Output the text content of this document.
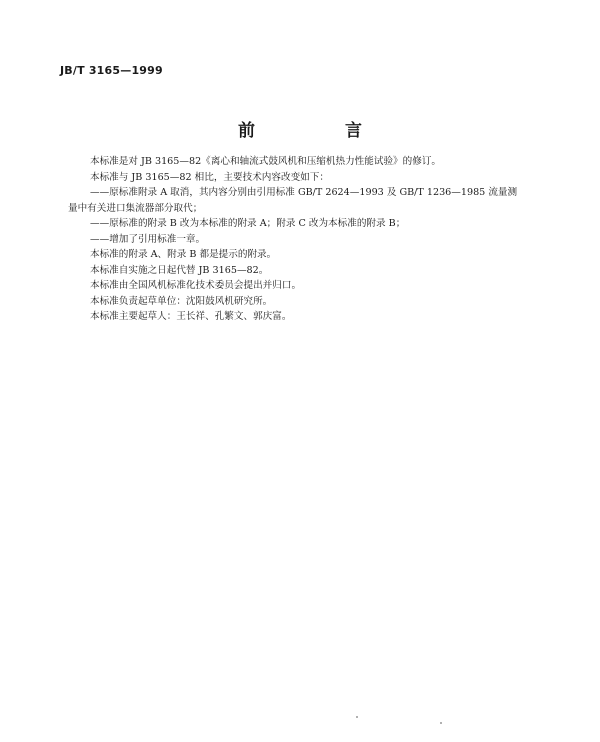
JB/T 3165—1999
前 言

本标准是对 JB 3165—82《离心和轴流式鼓风机和压缩机热力性能试验》的修订。

本标准与 JB 3165—82 相比，主要技术内容改变如下：

——原标准附录 A 取消，其内容分别由引用标准 GB/T 2624—1993 及 GB/T 1236—1985 流量测

量中有关进口集流器部分取代；

——原标准的附录 B 改为本标准的附录 A；附录 C 改为本标准的附录 B；

——增加了引用标准一章。

本标准的附录 A、附录 B 都是提示的附录。

本标准自实施之日起代替 JB 3165—82。

本标准由全国风机标准化技术委员会提出并归口。

本标准负责起草单位：沈阳鼓风机研究所。

本标准主要起草人：王长祥、孔繁文、郭庆富。
